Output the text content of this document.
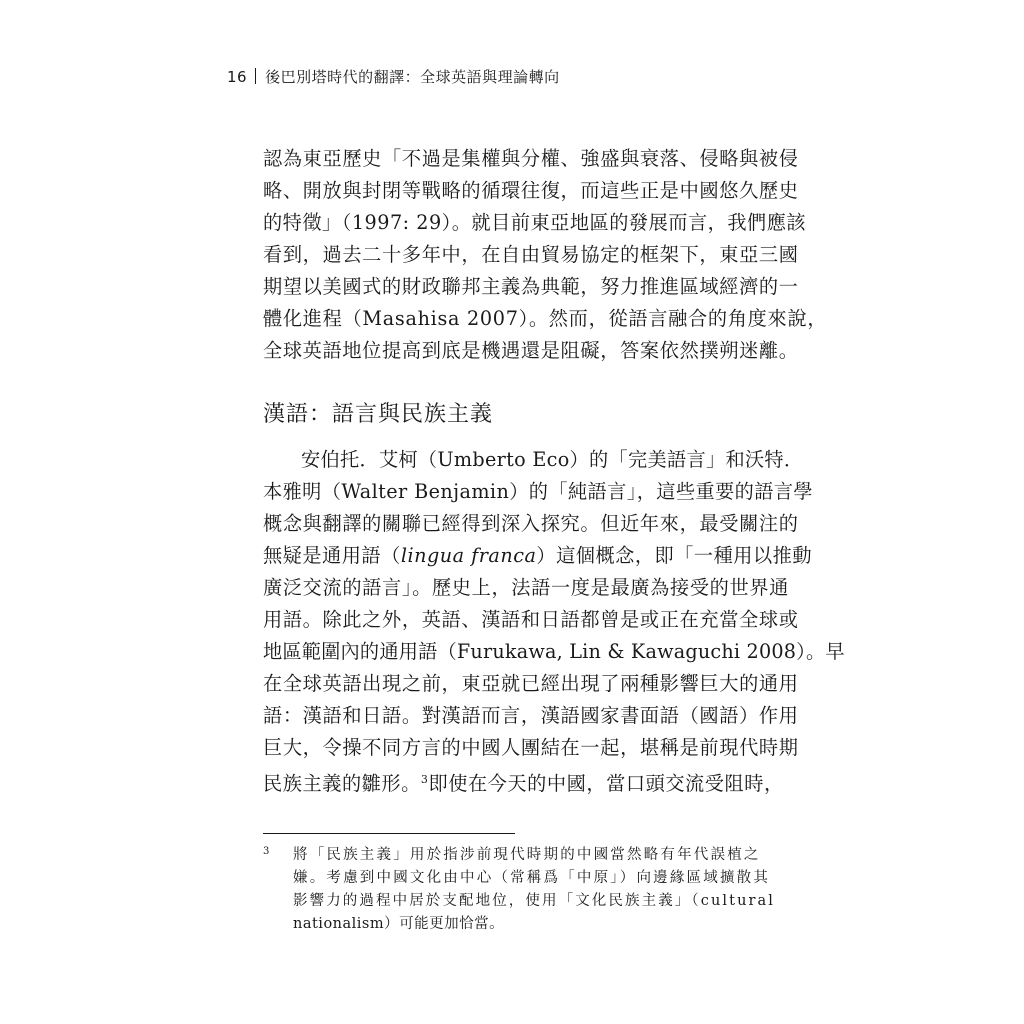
16 後巴別塔時代的翻譯：全球英語與理論轉向
認為東亞歷史「不過是集權與分權、強盛與衰落、侵略與被侵
略、開放與封閉等戰略的循環往復，而這些正是中國悠久歷史
的特徵」（1997: 29）。就目前東亞地區的發展而言，我們應該
看到，過去二十多年中，在自由貿易協定的框架下，東亞三國
期望以美國式的財政聯邦主義為典範，努力推進區域經濟的一
體化進程（Masahisa 2007）。然而，從語言融合的角度來說，
全球英語地位提高到底是機遇還是阻礙，答案依然撲朔迷離。
漢語：語言與民族主義
安伯托．艾柯（Umberto Eco）的「完美語言」和沃特．
本雅明（Walter Benjamin）的「純語言」，這些重要的語言學
概念與翻譯的關聯已經得到深入探究。但近年來，最受關注的
無疑是通用語（lingua franca）這個概念，即「一種用以推動
廣泛交流的語言」。歷史上，法語一度是最廣為接受的世界通
用語。除此之外，英語、漢語和日語都曾是或正在充當全球或
地區範圍內的通用語（Furukawa, Lin & Kawaguchi 2008）。早
在全球英語出現之前，東亞就已經出現了兩種影響巨大的通用
語：漢語和日語。對漢語而言，漢語國家書面語（國語）作用
巨大，令操不同方言的中國人團結在一起，堪稱是前現代時期
民族主義的雛形。$^3$即使在今天的中國，當口頭交流受阻時，
3 將「民族主義」用於指涉前現代時期的中國當然略有年代誤植之
嫌。考慮到中國文化由中心（常稱爲「中原」）向邊緣區域擴散其
影響力的過程中居於支配地位，使用「文化民族主義」（cultural
nationalism）可能更加恰當。
